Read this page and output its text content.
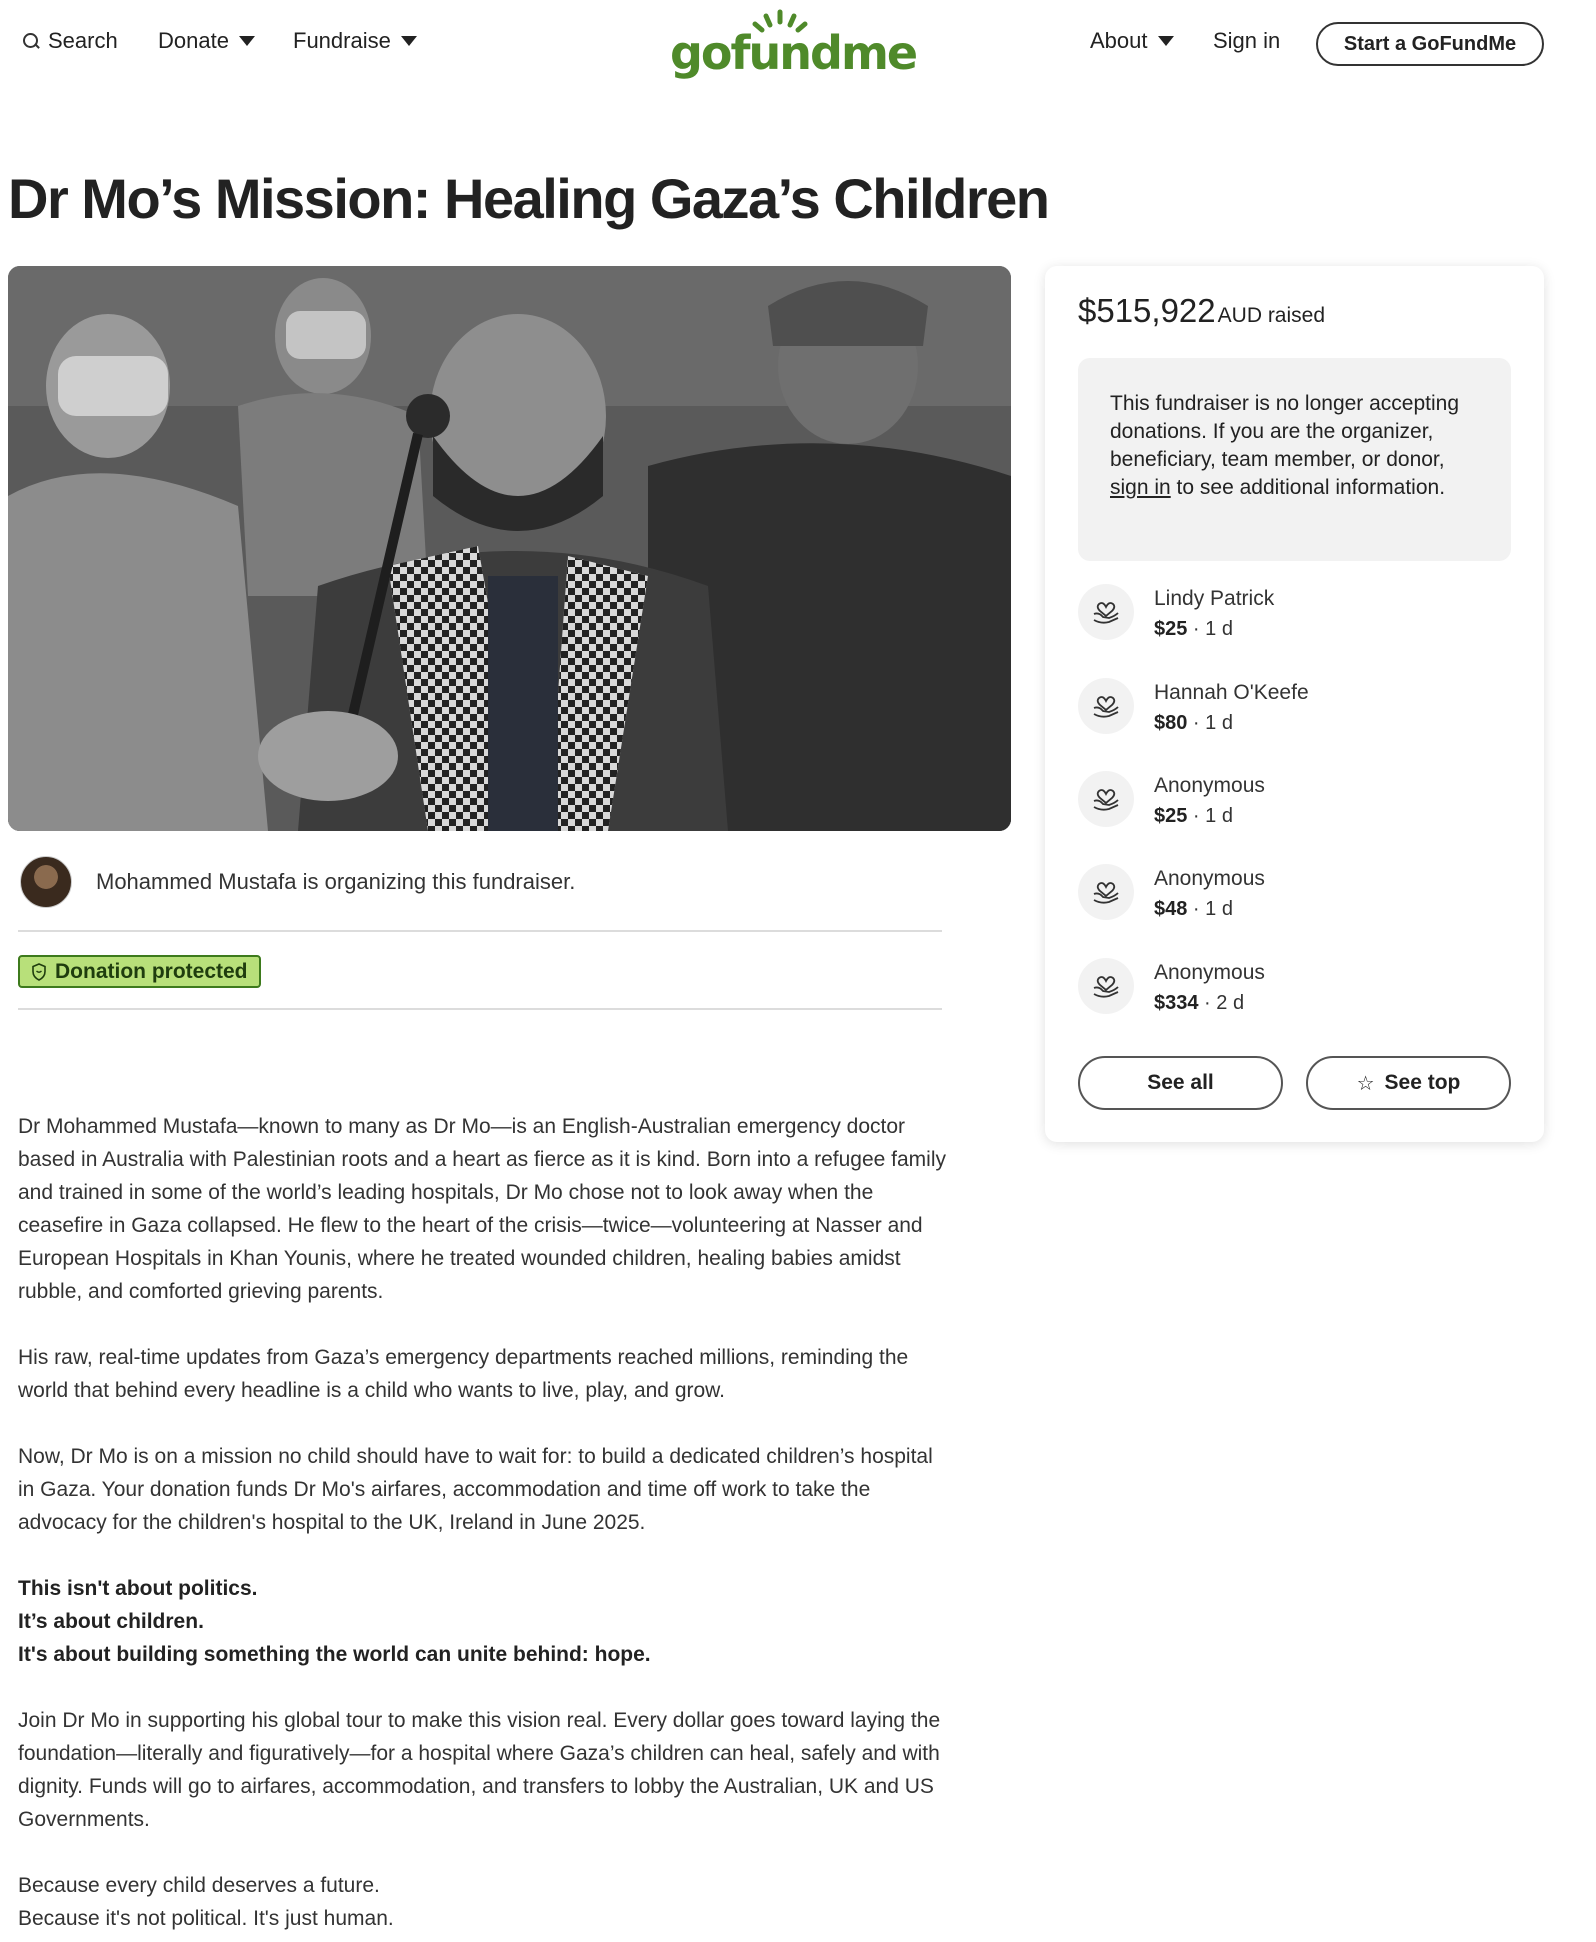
Search Donate	Fundraise	gofundme	About	Sign in	Start a GoFundMe
Dr Mo’s Mission: Healing Gaza’s Children
Mohammed Mustafa is organizing this fundraiser.
Donation protected

Dr Mohammed Mustafa—known to many as Dr Mo—is an English-Australian emergency doctor based in Australia with Palestinian roots and a heart as fierce as it is kind. Born into a refugee family and trained in some of the world’s leading hospitals, Dr Mo chose not to look away when the ceasefire in Gaza collapsed. He flew to the heart of the crisis—twice—volunteering at Nasser and European Hospitals in Khan Younis, where he treated wounded children, healing babies amidst rubble, and comforted grieving parents.

His raw, real-time updates from Gaza’s emergency departments reached millions, reminding the world that behind every headline is a child who wants to live, play, and grow.

Now, Dr Mo is on a mission no child should have to wait for: to build a dedicated children’s hospital in Gaza. Your donation funds Dr Mo's airfares, accommodation and time off work to take the advocacy for the children's hospital to the UK, Ireland in June 2025.

This isn't about politics.
It’s about children.
It's about building something the world can unite behind: hope.

Join Dr Mo in supporting his global tour to make this vision real. Every dollar goes toward laying the foundation—literally and figuratively—for a hospital where Gaza’s children can heal, safely and with dignity. Funds will go to airfares, accommodation, and transfers to lobby the Australian, UK and US Governments.

Because every child deserves a future.
Because it's not political. It's just human.

$515,922 AUD raised
This fundraiser is no longer accepting donations. If you are the organizer, beneficiary, team member, or donor, sign in to see additional information.
Lindy Patrick
$25 · 1 d
Hannah O'Keefe
$80 · 1 d
Anonymous
$25 · 1 d
Anonymous
$48 · 1 d
Anonymous
$334 · 2 d
See all	☆ See top
